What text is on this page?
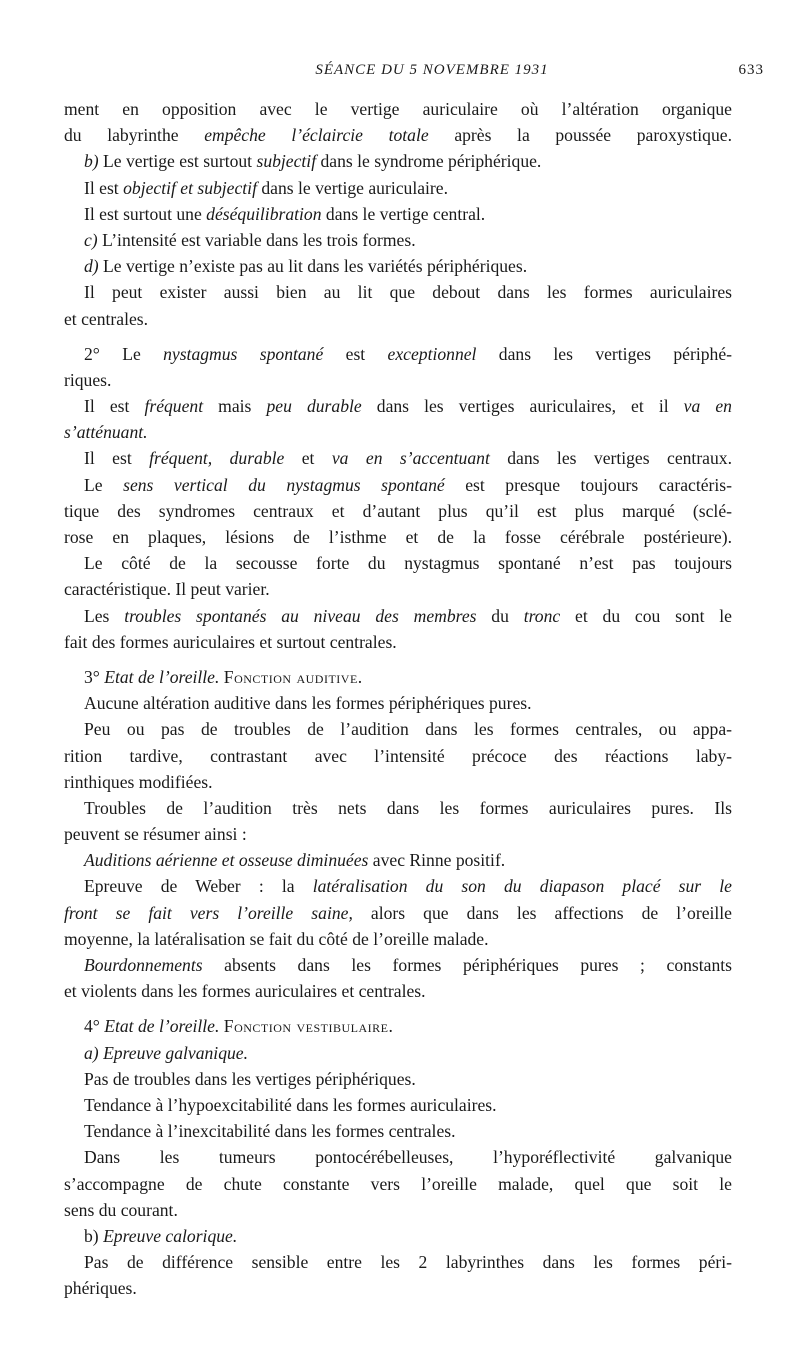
SÉANCE DU 5 NOVEMBRE 1931	633
ment en opposition avec le vertige auriculaire où l’altération organique
du labyrinthe empêche l’éclaircie totale après la poussée paroxystique.
b) Le vertige est surtout subjectif dans le syndrome périphérique.
Il est objectif et subjectif dans le vertige auriculaire.
Il est surtout une déséquilibration dans le vertige central.
c) L’intensité est variable dans les trois formes.
d) Le vertige n’existe pas au lit dans les variétés périphériques.
Il peut exister aussi bien au lit que debout dans les formes auriculaires
et centrales.
2° Le nystagmus spontané est exceptionnel dans les vertiges périphé-
riques.
Il est fréquent mais peu durable dans les vertiges auriculaires, et il va en
s’atténuant.
Il est fréquent, durable et va en s’accentuant dans les vertiges centraux.
Le sens vertical du nystagmus spontané est presque toujours caractéris-
tique des syndromes centraux et d’autant plus qu’il est plus marqué (sclé-
rose en plaques, lésions de l’isthme et de la fosse cérébrale postérieure).
Le côté de la secousse forte du nystagmus spontané n’est pas toujours
caractéristique. Il peut varier.
Les troubles spontanés au niveau des membres du tronc et du cou sont le
fait des formes auriculaires et surtout centrales.
3° Etat de l’oreille. Fonction auditive.
Aucune altération auditive dans les formes périphériques pures.
Peu ou pas de troubles de l’audition dans les formes centrales, ou appa-
rition tardive, contrastant avec l’intensité précoce des réactions laby-
rinthiques modifiées.
Troubles de l’audition très nets dans les formes auriculaires pures. Ils
peuvent se résumer ainsi :
Auditions aérienne et osseuse diminuées avec Rinne positif.
Epreuve de Weber : la latéralisation du son du diapason placé sur le
front se fait vers l’oreille saine, alors que dans les affections de l’oreille
moyenne, la latéralisation se fait du côté de l’oreille malade.
Bourdonnements absents dans les formes périphériques pures ; constants
et violents dans les formes auriculaires et centrales.
4° Etat de l’oreille. Fonction vestibulaire.
a) Epreuve galvanique.
Pas de troubles dans les vertiges périphériques.
Tendance à l’hypoexcitabilité dans les formes auriculaires.
Tendance à l’inexcitabilité dans les formes centrales.
Dans les tumeurs pontocérébelleuses, l’hyporéflectivité galvanique
s’accompagne de chute constante vers l’oreille malade, quel que soit le
sens du courant.
b) Epreuve calorique.
Pas de différence sensible entre les 2 labyrinthes dans les formes péri-
phériques.
